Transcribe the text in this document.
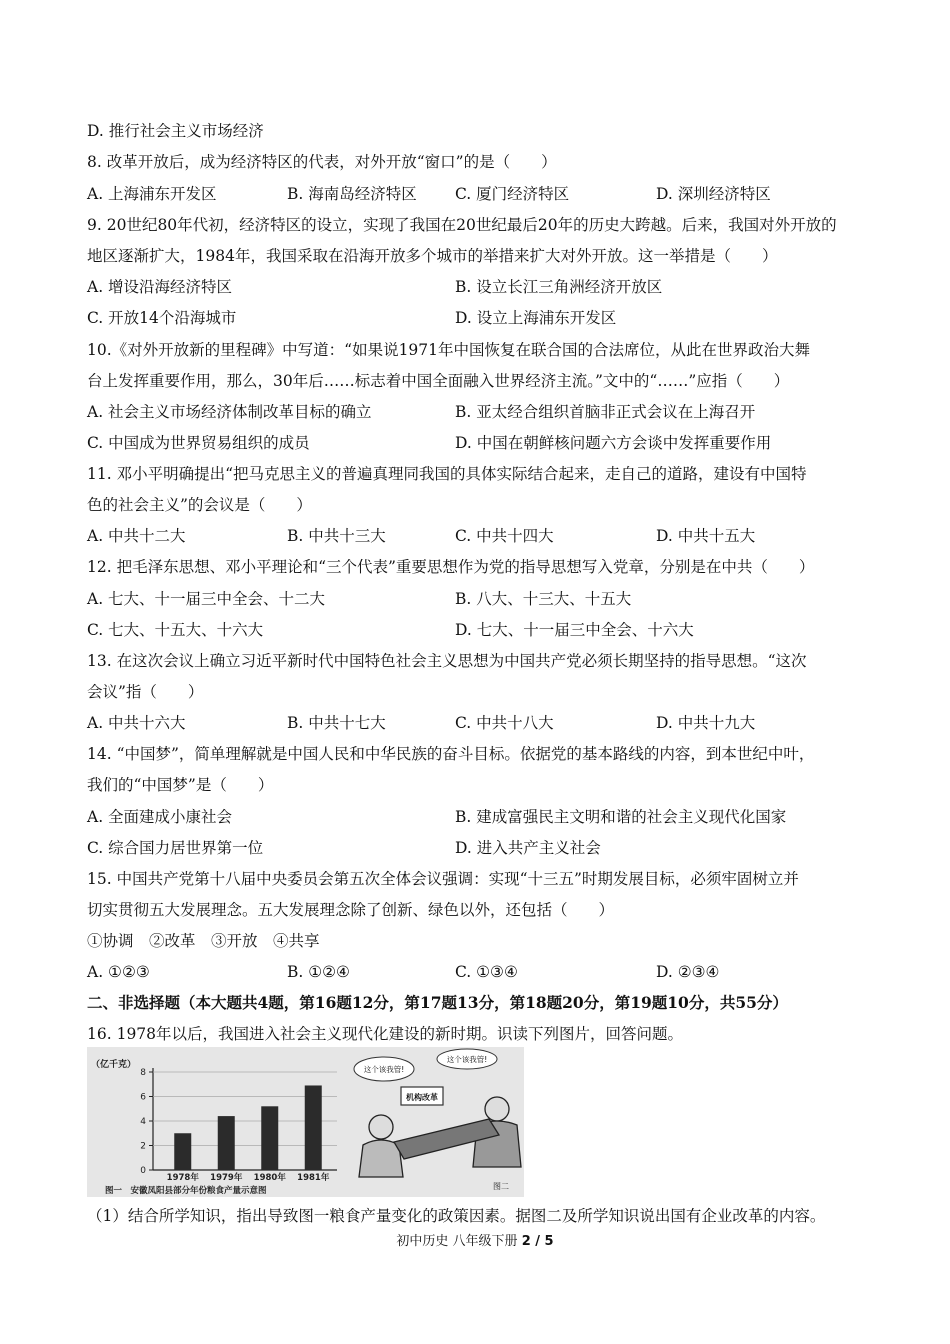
D. 推行社会主义市场经济
8. 改革开放后，成为经济特区的代表，对外开放“窗口”的是（　　）
A. 上海浦东开发区	B. 海南岛经济特区 C. 厦门经济特区	D. 深圳经济特区
9. 20世纪80年代初，经济特区的设立，实现了我国在20世纪最后20年的历史大跨越。后来，我国对外开放的
地区逐渐扩大，1984年，我国采取在沿海开放多个城市的举措来扩大对外开放。这一举措是（　　）
A. 增设沿海经济特区	B. 设立长江三角洲经济开放区
C. 开放14个沿海城市	D. 设立上海浦东开发区
10.《对外开放新的里程碑》中写道：“如果说1971年中国恢复在联合国的合法席位，从此在世界政治大舞
台上发挥重要作用，那么，30年后……标志着中国全面融入世界经济主流。”文中的“……”应指（　　）
A. 社会主义市场经济体制改革目标的确立	B. 亚太经合组织首脑非正式会议在上海召开
C. 中国成为世界贸易组织的成员	D. 中国在朝鲜核问题六方会谈中发挥重要作用
11. 邓小平明确提出“把马克思主义的普遍真理同我国的具体实际结合起来，走自己的道路，建设有中国特
色的社会主义”的会议是（　　）
A. 中共十二大	B. 中共十三大	C. 中共十四大	D. 中共十五大
12. 把毛泽东思想、邓小平理论和“三个代表”重要思想作为党的指导思想写入党章，分别是在中共（　　）
A. 七大、十一届三中全会、十二大	B. 八大、十三大、十五大
C. 七大、十五大、十六大	D. 七大、十一届三中全会、十六大
13. 在这次会议上确立习近平新时代中国特色社会主义思想为中国共产党必须长期坚持的指导思想。“这次
会议”指（　　）
A. 中共十六大	B. 中共十七大	C. 中共十八大	D. 中共十九大
14. “中国梦”，简单理解就是中国人民和中华民族的奋斗目标。依据党的基本路线的内容，到本世纪中叶，
我们的“中国梦”是（　　）
A. 全面建成小康社会	B. 建成富强民主文明和谐的社会主义现代化国家
C. 综合国力居世界第一位	D. 进入共产主义社会
15. 中国共产党第十八届中央委员会第五次全体会议强调：实现“十三五”时期发展目标，必须牢固树立并
切实贯彻五大发展理念。五大发展理念除了创新、绿色以外，还包括（　　）
①协调　②改革　③开放　④共享
A. ①②③	B. ①②④	C. ①③④	D. ②③④
二、非选择题（本大题共4题，第16题12分，第17题13分，第18题20分，第19题10分，共55分）
16. 1978年以后，我国进入社会主义现代化建设的新时期。识读下列图片，回答问题。
（亿千克）
0
2
4
6
8
1978年 1979年 1980年 1981年
图一　安徽凤阳县部分年份粮食产量示意图
这个该我管!
这个该我管!
机构改革
图二
（1）结合所学知识，指出导致图一粮食产量变化的政策因素。据图二及所学知识说出国有企业改革的内容。
初中历史 八年级下册 2 / 5
